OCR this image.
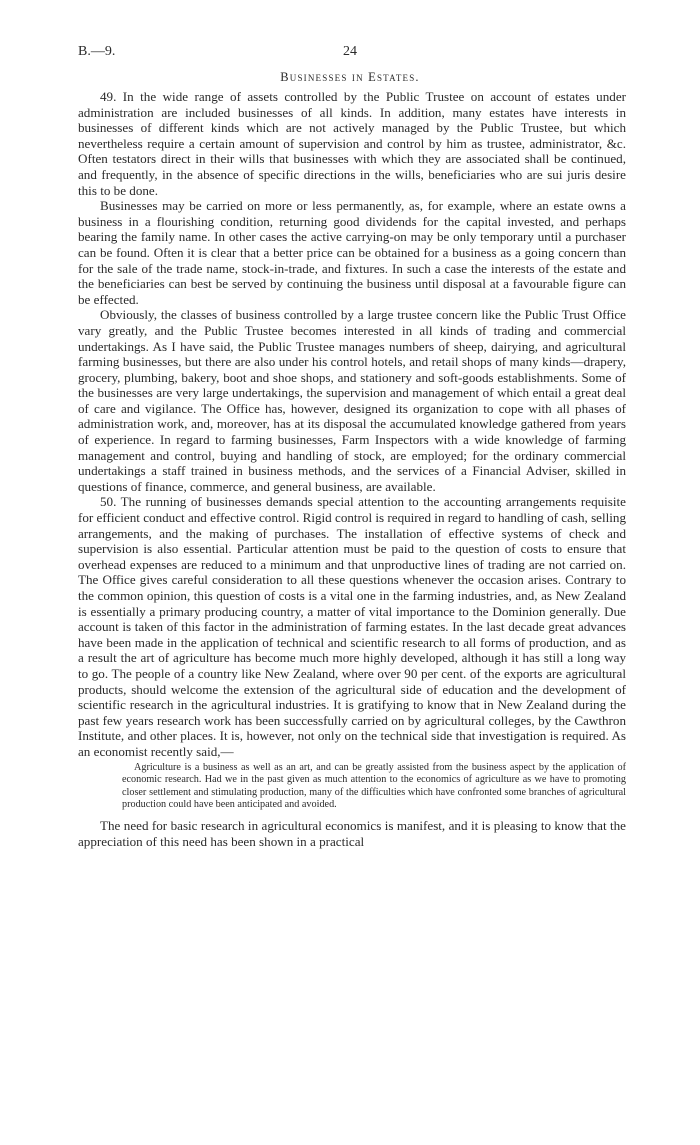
B.—9.	24
Businesses in Estates.

49. In the wide range of assets controlled by the Public Trustee on account of estates under administration are included businesses of all kinds. In addition, many estates have interests in businesses of different kinds which are not actively managed by the Public Trustee, but which nevertheless require a certain amount of supervision and control by him as trustee, administrator, &c. Often testators direct in their wills that businesses with which they are associated shall be continued, and frequently, in the absence of specific directions in the wills, beneficiaries who are sui juris desire this to be done.

Businesses may be carried on more or less permanently, as, for example, where an estate owns a business in a flourishing condition, returning good dividends for the capital invested, and perhaps bearing the family name. In other cases the active carrying-on may be only temporary until a purchaser can be found. Often it is clear that a better price can be obtained for a business as a going concern than for the sale of the trade name, stock-in-trade, and fixtures. In such a case the interests of the estate and the beneficiaries can best be served by continuing the business until disposal at a favourable figure can be effected.

Obviously, the classes of business controlled by a large trustee concern like the Public Trust Office vary greatly, and the Public Trustee becomes interested in all kinds of trading and commercial undertakings. As I have said, the Public Trustee manages numbers of sheep, dairying, and agricultural farming businesses, but there are also under his control hotels, and retail shops of many kinds—drapery, grocery, plumbing, bakery, boot and shoe shops, and stationery and soft-goods establishments. Some of the businesses are very large undertakings, the supervision and management of which entail a great deal of care and vigilance. The Office has, however, designed its organization to cope with all phases of administration work, and, moreover, has at its disposal the accumulated knowledge gathered from years of experience. In regard to farming businesses, Farm Inspectors with a wide knowledge of farming management and control, buying and handling of stock, are employed; for the ordinary commercial undertakings a staff trained in business methods, and the services of a Financial Adviser, skilled in questions of finance, commerce, and general business, are available.

50. The running of businesses demands special attention to the accounting arrangements requisite for efficient conduct and effective control. Rigid control is required in regard to handling of cash, selling arrangements, and the making of purchases. The installation of effective systems of check and supervision is also essential. Particular attention must be paid to the question of costs to ensure that overhead expenses are reduced to a minimum and that unproductive lines of trading are not carried on. The Office gives careful consideration to all these questions whenever the occasion arises. Contrary to the common opinion, this question of costs is a vital one in the farming industries, and, as New Zealand is essentially a primary producing country, a matter of vital importance to the Dominion generally. Due account is taken of this factor in the administration of farming estates. In the last decade great advances have been made in the application of technical and scientific research to all forms of production, and as a result the art of agriculture has become much more highly developed, although it has still a long way to go. The people of a country like New Zealand, where over 90 per cent. of the exports are agricultural products, should welcome the extension of the agricultural side of education and the development of scientific research in the agricultural industries. It is gratifying to know that in New Zealand during the past few years research work has been successfully carried on by agricultural colleges, by the Cawthron Institute, and other places. It is, however, not only on the technical side that investigation is required. As an economist recently said,—

Agriculture is a business as well as an art, and can be greatly assisted from the business aspect by the application of economic research. Had we in the past given as much attention to the economics of agriculture as we have to promoting closer settlement and stimulating production, many of the difficulties which have confronted some branches of agricultural production could have been anticipated and avoided.

The need for basic research in agricultural economics is manifest, and it is pleasing to know that the appreciation of this need has been shown in a practical
